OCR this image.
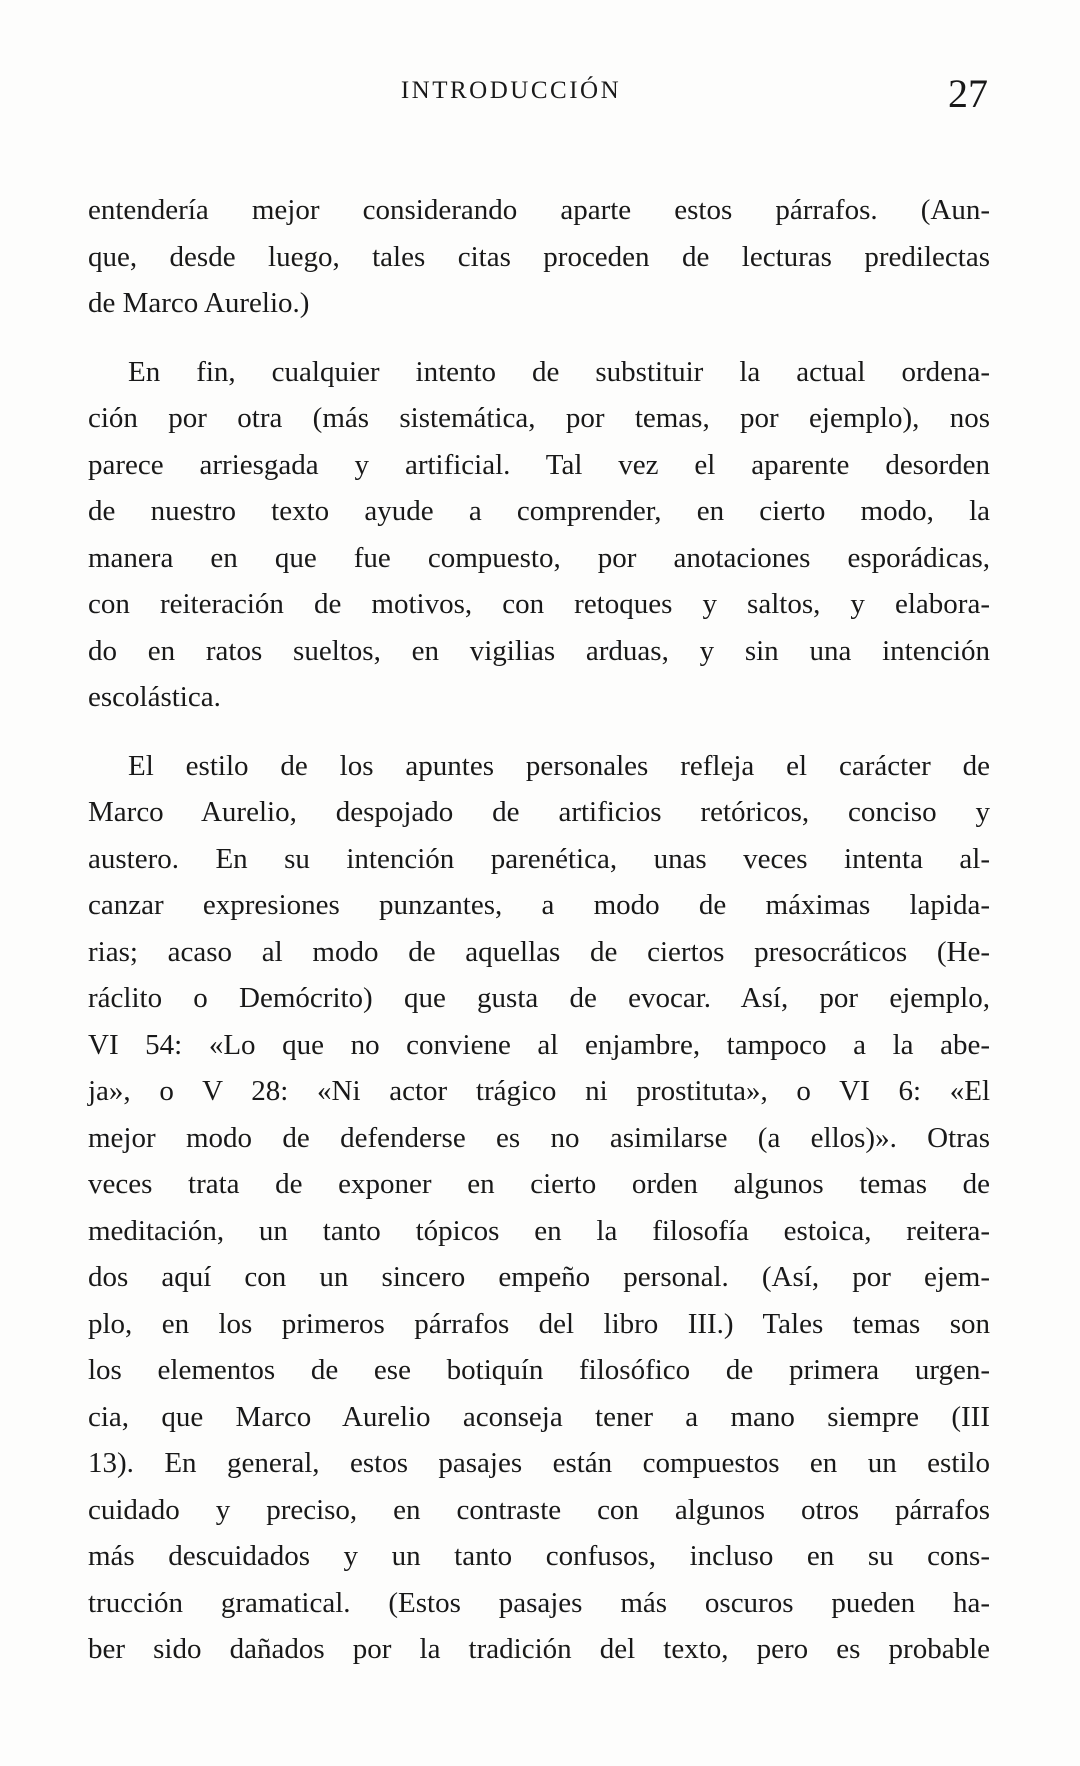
INTRODUCCIÓN	27
entendería mejor considerando aparte estos párrafos. (Aun-
que, desde luego, tales citas proceden de lecturas predilectas
de Marco Aurelio.)
En fin, cualquier intento de substituir la actual ordena-
ción por otra (más sistemática, por temas, por ejemplo), nos
parece arriesgada y artificial. Tal vez el aparente desorden
de nuestro texto ayude a comprender, en cierto modo, la
manera en que fue compuesto, por anotaciones esporádicas,
con reiteración de motivos, con retoques y saltos, y elabora-
do en ratos sueltos, en vigilias arduas, y sin una intención
escolástica.
El estilo de los apuntes personales refleja el carácter de
Marco Aurelio, despojado de artificios retóricos, conciso y
austero. En su intención parenética, unas veces intenta al-
canzar expresiones punzantes, a modo de máximas lapida-
rias; acaso al modo de aquellas de ciertos presocráticos (He-
ráclito o Demócrito) que gusta de evocar. Así, por ejemplo,
VI 54: «Lo que no conviene al enjambre, tampoco a la abe-
ja», o V 28: «Ni actor trágico ni prostituta», o VI 6: «El
mejor modo de defenderse es no asimilarse (a ellos)». Otras
veces trata de exponer en cierto orden algunos temas de
meditación, un tanto tópicos en la filosofía estoica, reitera-
dos aquí con un sincero empeño personal. (Así, por ejem-
plo, en los primeros párrafos del libro III.) Tales temas son
los elementos de ese botiquín filosófico de primera urgen-
cia, que Marco Aurelio aconseja tener a mano siempre (III
13). En general, estos pasajes están compuestos en un estilo
cuidado y preciso, en contraste con algunos otros párrafos
más descuidados y un tanto confusos, incluso en su cons-
trucción gramatical. (Estos pasajes más oscuros pueden ha-
ber sido dañados por la tradición del texto, pero es probable
